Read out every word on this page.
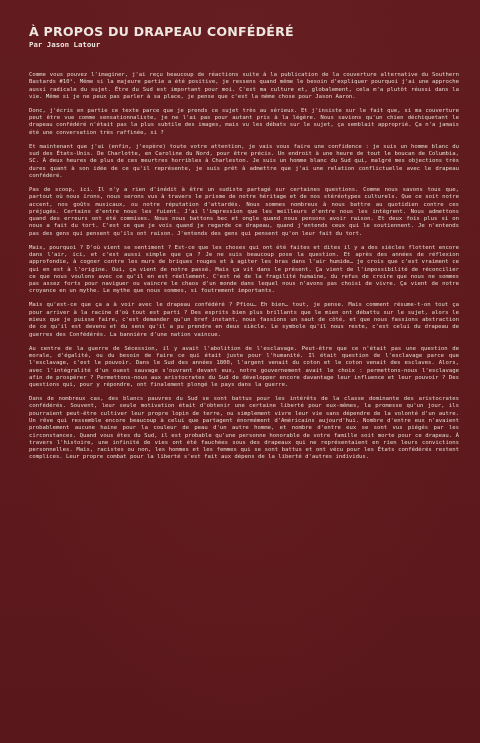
À PROPOS DU DRAPEAU CONFÉDÉRÉ
Par Jason Latour

Comme vous pouvez l'imaginer, j'ai reçu beaucoup de réactions suite à la publication de la couverture alternative du Southern Bastards #10¹. Même si la majeure partie a été positive, je ressens quand même le besoin d'expliquer pourquoi j'ai une approche aussi radicale du sujet. Être du Sud est important pour moi. C'est ma culture et, globalement, cela m'a plutôt réussi dans la vie. Même si je ne peux pas parler à sa place, je pense que c'est la même chose pour Jason Aaron.

Donc, j'écris en partie ce texte parce que je prends ce sujet très au sérieux. Et j'insiste sur le fait que, si ma couverture peut être vue comme sensationnaliste, je ne l'ai pas pour autant pris à la légère. Nous savions qu'un chien déchiquetant le drapeau confédéré n'était pas la plus subtile des images, mais vu les débats sur le sujet, ça semblait approprié. Ça n'a jamais été une conversation très raffinée, si ?

Et maintenant que j'ai (enfin, j'espère) toute votre attention, je vais vous faire une confidence : je suis un homme blanc du sud des États-Unis. De Charlotte, en Caroline du Nord, pour être précis. Un endroit à une heure de tout le boucan de Columbia, SC. À deux heures de plus de ces meurtres horribles à Charleston. Je suis un homme blanc du Sud qui, malgré mes objections très dures quant à son idée de ce qu'il représente, je suis prêt à admettre que j'ai une relation conflictuelle avec le drapeau confédéré.

Pas de scoop, ici. Il n'y a rien d'inédit à être un sudiste partagé sur certaines questions. Comme nous savons tous que, partout où nous irons, nous serons vus à travers le prisme de notre héritage et de nos stéréotypes culturels. Que ce soit notre accent, nos goûts musicaux, ou notre réputation d'attardés. Nous sommes nombreux à nous battre au quotidien contre ces préjugés. Certains d'entre nous les fuient. J'ai l'impression que les meilleurs d'entre nous les intègrent. Nous admettons quand des erreurs ont été commises. Nous nous battons bec et ongle quand nous pensons avoir raison. Et deux fois plus si on nous a fait du tort. C'est ce que je vois quand je regarde ce drapeau, quand j'entends ceux qui le soutiennent. Je n'entends pas des gens qui pensent qu'ils ont raison. J'entends des gens qui pensent qu'on leur fait du tort.

Mais, pourquoi ? D'où vient se sentiment ? Est-ce que les choses qui ont été faites et dites il y a des siècles flottent encore dans l'air, ici, et c'est aussi simple que ça ? Je ne suis beaucoup pose la question. Et après des années de réflexion approfondie, à cogner contre les murs de briques rouges et à agiter les bras dans l'air humide… je crois que c'est vraiment ce qui en est à l'origine. Oui, ça vient de notre passé. Mais ça vit dans le présent. Ça vient de l'impossibilité de réconcilier ce que nous voulons avec ce qu'il en est réellement. C'est né de la fragilité humaine, du refus de croire que nous ne sommes pas assez forts pour naviguer ou vaincre le chaos d'un monde dans lequel nous n'avons pas choisi de vivre. Ça vient de notre croyance en un mythe. Le mythe que nous sommes, si foutrement importants.

Mais qu'est-ce que ça a à voir avec le drapeau confédéré ? Pfiou… Eh bien… tout, je pense. Mais comment résume-t-on tout ça pour arriver à la racine d'où tout est parti ? Des esprits bien plus brillants que le mien ont débattu sur le sujet, alors le mieux que je puisse faire, c'est demander qu'un bref instant, nous fassions un saut de côté, et que nous fassions abstraction de ce qu'il est devenu et du sens qu'il a pu prendre en deux siècle. Le symbole qu'il nous reste, c'est celui du drapeau de guerres des Confédérés. La bannière d'une nation vaincue.

Au centre de la guerre de Sécession, il y avait l'abolition de l'esclavage. Peut-être que ce n'était pas une question de morale, d'égalité, ou du besoin de faire ce qui était juste pour l'humanité. Il était question de l'esclavage parce que l'esclavage, c'est le pouvoir. Dans le Sud des années 1800, l'argent venait du coton et le coton venait des esclaves. Alors, avec l'intégralité d'un ouest sauvage s'ouvrant devant eux, notre gouvernement avait le choix : permettons-nous l'esclavage afin de prospérer ? Permettons-nous aux aristocrates du Sud de développer encore davantage leur influence et leur pouvoir ? Des questions qui, pour y répondre, ont finalement plongé le pays dans la guerre.

Dans de nombreux cas, des blancs pauvres du Sud se sont battus pour les intérêts de la classe dominante des aristocrates confédérés. Souvent, leur seule motivation était d'obtenir une certaine liberté pour eux-mêmes, la promesse qu'un jour, ils pourraient peut-être cultiver leur propre lopin de terre, ou simplement vivre leur vie sans dépendre de la volonté d'un autre. Un rêve qui ressemble encore beaucoup à celui que partagent énormément d'Américains aujourd'hui. Nombre d'entre eux n'avaient probablement aucune haine pour la couleur de peau d'un autre homme, et nombre d'entre eux se sont vus piégés par les circonstances. Quand vous êtes du Sud, il est probable qu'une personne honorable de votre famille soit morte pour ce drapeau. À travers l'histoire, une infinité de vies ont été fauchées sous des drapeaux qui ne représentaient en rien leurs convictions personnelles. Mais, racistes ou non, les hommes et les femmes qui se sont battus et ont vécu pour les États confédérés restent complices. Leur propre combat pour la liberté s'est fait aux dépens de la liberté d'autres individus.
